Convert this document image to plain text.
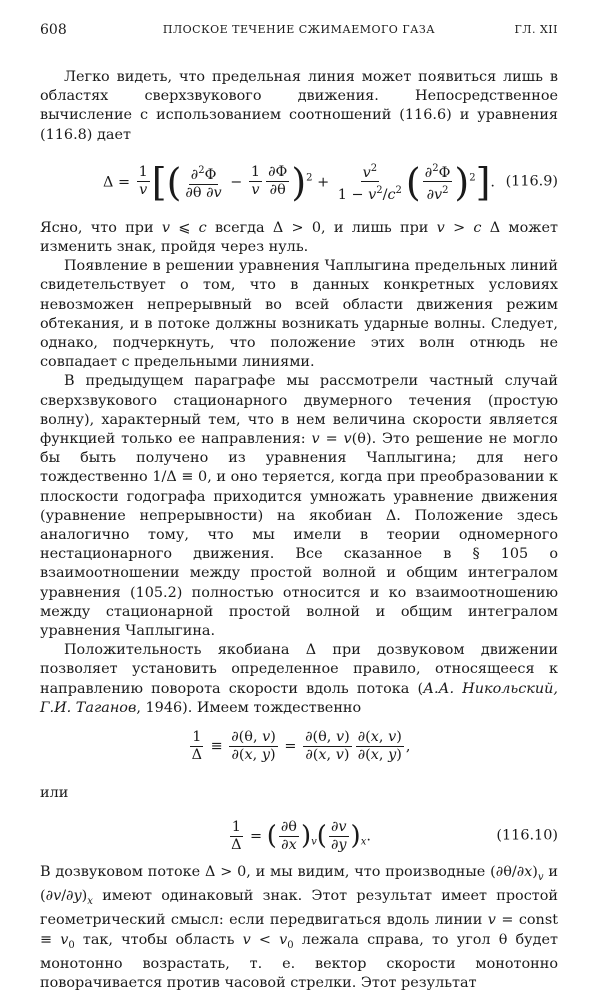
608	ПЛОСКОЕ ТЕЧЕНИЕ СЖИМАЕМОГО ГАЗА	ГЛ. XII

Легко видеть, что предельная линия может появиться лишь в областях сверхзвукового движения. Непосредственное вычисление с использованием соотношений (116.6) и уравнения (116.8) дает

$\Delta = \frac{1}{v}$ [( $\frac{\partial^2\Phi}{\partial\theta \partial v} - \frac{1}{v} \frac{\partial\Phi}{\partial\theta} )^2 + \frac{v^2}{1 - v^2/c^2}$ ( $\frac{\partial^2\Phi}{\partial v^2} )^2$]. (116.9)

Ясно, что при v ⩽ c всегда Δ > 0, и лишь при v > c Δ может изменить знак, пройдя через нуль.

Появление в решении уравнения Чаплыгина предельных линий свидетельствует о том, что в данных конкретных условиях невозможен непрерывный во всей области движения режим обтекания, и в потоке должны возникать ударные волны. Следует, однако, подчеркнуть, что положение этих волн отнюдь не совпадает с предельными линиями.

В предыдущем параграфе мы рассмотрели частный случай сверхзвукового стационарного двумерного течения (простую волну), характерный тем, что в нем величина скорости является функцией только ее направления: v = v(θ). Это решение не могло бы быть получено из уравнения Чаплыгина; для него тождественно 1/Δ ≡ 0, и оно теряется, когда при преобразовании к плоскости годографа приходится умножать уравнение движения (уравнение непрерывности) на якобиан Δ. Положение здесь аналогично тому, что мы имели в теории одномерного нестационарного движения. Все сказанное в § 105 о взаимоотношении между простой волной и общим интегралом уравнения (105.2) полностью относится и ко взаимоотношению между стационарной простой волной и общим интегралом уравнения Чаплыгина.

Положительность якобиана Δ при дозвуковом движении позволяет установить определенное правило, относящееся к направлению поворота скорости вдоль потока (А.А. Никольский, Г.И. Таганов, 1946). Имеем тождественно

$\frac{1}{\Delta} \equiv \frac{\partial(\theta, v)}{\partial(x, y)} = \frac{\partial(\theta, v)}{\partial(x, v)} \frac{\partial(x, v)}{\partial(x, y)}$ ,

или

$\frac{1}{\Delta}$ = ( $\frac{\partial\theta}{\partial x} )_v( \frac{\partial v}{\partial y} )_x$.	(116.10)

В дозвуковом потоке Δ > 0, и мы видим, что производные $(\partial\theta/\partial x)_v$ и $(\partial v/\partial y)_x$ имеют одинаковый знак. Этот результат имеет простой геометрический смысл: если передвигаться вдоль линии v = const ≡ $v_0$ так, чтобы область $v < v_0$ лежала справа, то угол θ будет монотонно возрастать, т. е. вектор скорости монотонно поворачивается против часовой стрелки. Этот результат
